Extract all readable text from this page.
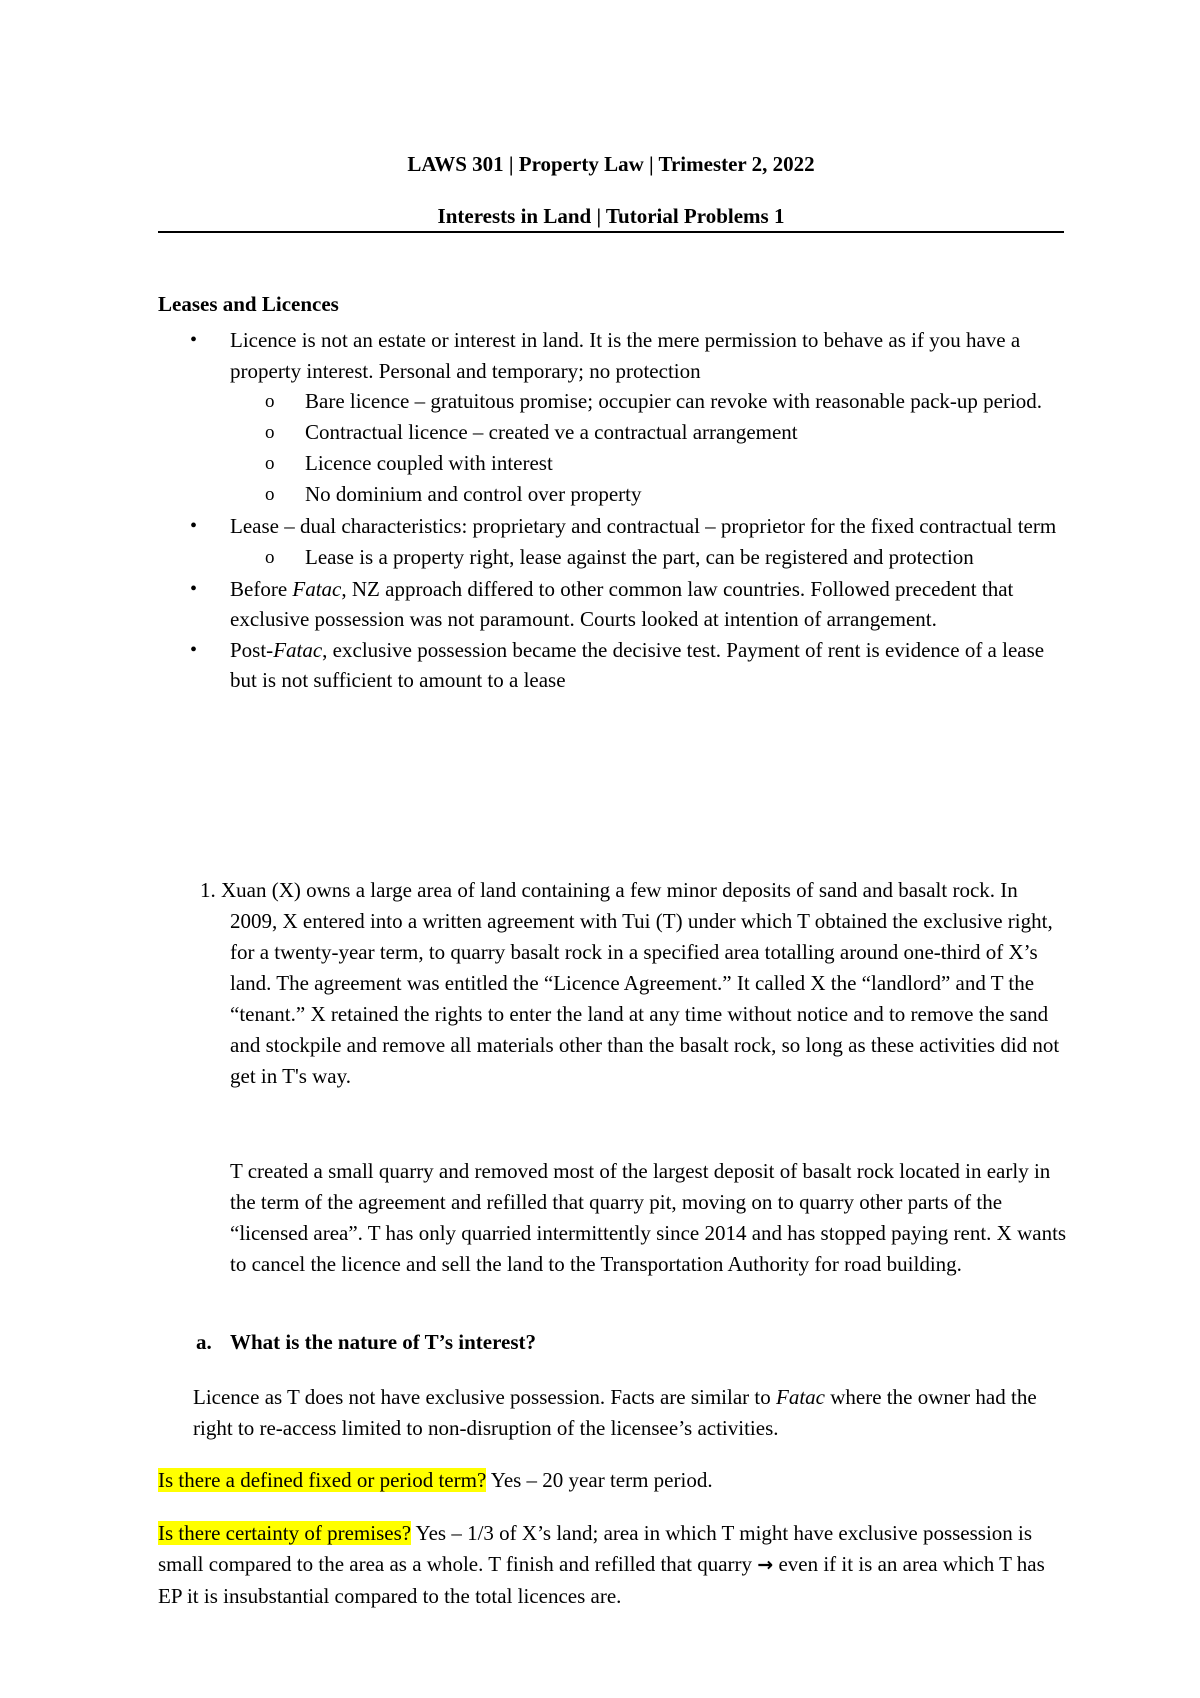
LAWS 301 | Property Law | Trimester 2, 2022
Interests in Land | Tutorial Problems 1
Leases and Licences

• Licence is not an estate or interest in land. It is the mere permission to behave as if you have a property interest. Personal and temporary; no protection

o Bare licence – gratuitous promise; occupier can revoke with reasonable pack-up period.

o Contractual licence – created ve a contractual arrangement

o Licence coupled with interest

o No dominium and control over property

• Lease – dual characteristics: proprietary and contractual – proprietor for the fixed contractual term

o Lease is a property right, lease against the part, can be registered and protection

• Before Fatac, NZ approach differed to other common law countries. Followed precedent that exclusive possession was not paramount. Courts looked at intention of arrangement.

• Post-Fatac, exclusive possession became the decisive test. Payment of rent is evidence of a lease but is not sufficient to amount to a lease

1. Xuan (X) owns a large area of land containing a few minor deposits of sand and basalt rock. In 2009, X entered into a written agreement with Tui (T) under which T obtained the exclusive right, for a twenty-year term, to quarry basalt rock in a specified area totalling around one-third of X’s land. The agreement was entitled the “Licence Agreement.” It called X the “landlord” and T the “tenant.” X retained the rights to enter the land at any time without notice and to remove the sand and stockpile and remove all materials other than the basalt rock, so long as these activities did not get in T's way.

T created a small quarry and removed most of the largest deposit of basalt rock located in early in the term of the agreement and refilled that quarry pit, moving on to quarry other parts of the “licensed area”. T has only quarried intermittently since 2014 and has stopped paying rent. X wants to cancel the licence and sell the land to the Transportation Authority for road building.

a. What is the nature of T’s interest?

Licence as T does not have exclusive possession. Facts are similar to Fatac where the owner had the right to re-access limited to non-disruption of the licensee’s activities.

Is there a defined fixed or period term? Yes – 20 year term period.

Is there certainty of premises? Yes – 1/3 of X’s land; area in which T might have exclusive possession is small compared to the area as a whole. T finish and refilled that quarry → even if it is an area which T has EP it is insubstantial compared to the total licences are.
